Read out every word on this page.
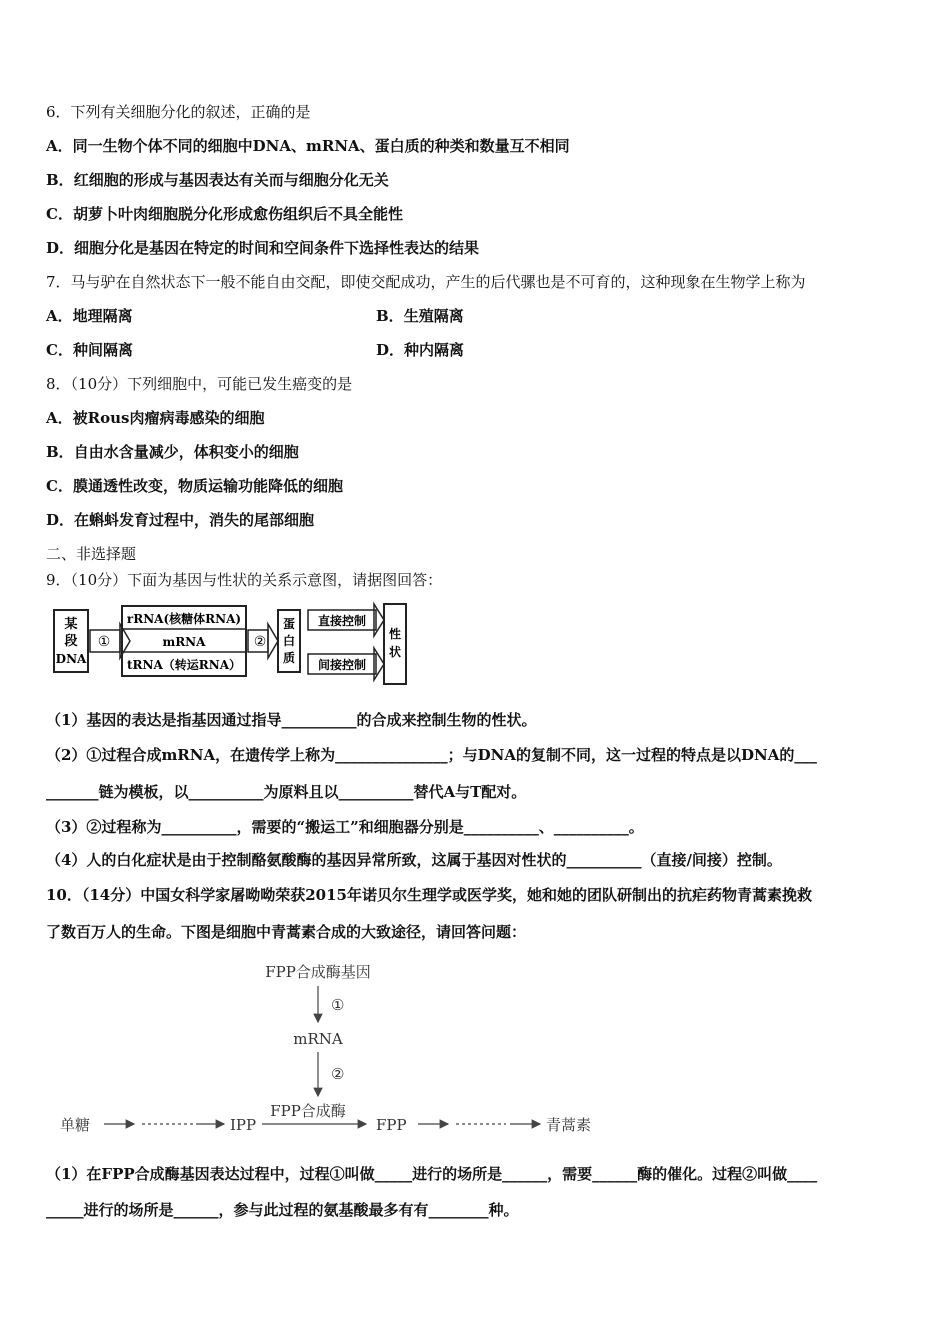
6．下列有关细胞分化的叙述，正确的是
A．同一生物个体不同的细胞中DNA、mRNA、蛋白质的种类和数量互不相同
B．红细胞的形成与基因表达有关而与细胞分化无关
C．胡萝卜叶肉细胞脱分化形成愈伤组织后不具全能性
D．细胞分化是基因在特定的时间和空间条件下选择性表达的结果
7．马与驴在自然状态下一般不能自由交配，即使交配成功，产生的后代骡也是不可育的，这种现象在生物学上称为
A．地理隔离	B．生殖隔离
C．种间隔离	D．种内隔离
8．（10分）下列细胞中，可能已发生癌变的是
A．被Rous肉瘤病毒感染的细胞
B．自由水含量减少，体积变小的细胞
C．膜通透性改变，物质运输功能降低的细胞
D．在蝌蚪发育过程中，消失的尾部细胞
二、非选择题
9．（10分）下面为基因与性状的关系示意图，请据图回答：
某
段
DNA
①
rRNA(核糖体RNA)
mRNA
tRNA（转运RNA）
②
蛋
白
质
直接控制
间接控制
性
状
（1）基因的表达是指基因通过指导__________的合成来控制生物的性状。
（2）①过程合成mRNA，在遗传学上称为_______________；与DNA的复制不同，这一过程的特点是以DNA的___
_______链为模板，以__________为原料且以__________替代A与T配对。
（3）②过程称为__________，需要的“搬运工”和细胞器分别是__________、__________。
（4）人的白化症状是由于控制酪氨酸酶的基因异常所致，这属于基因对性状的__________（直接/间接）控制。
10．（14分）中国女科学家屠呦呦荣获2015年诺贝尔生理学或医学奖，她和她的团队研制出的抗疟药物青蒿素挽救
了数百万人的生命。下图是细胞中青蒿素合成的大致途径，请回答问题：
FPP合成酶基因
①
mRNA
②
单糖	IPP
FPP合成酶
FPP	青蒿素
（1）在FPP合成酶基因表达过程中，过程①叫做_____进行的场所是______，需要______酶的催化。过程②叫做____
_____进行的场所是______，参与此过程的氨基酸最多有有________种。
